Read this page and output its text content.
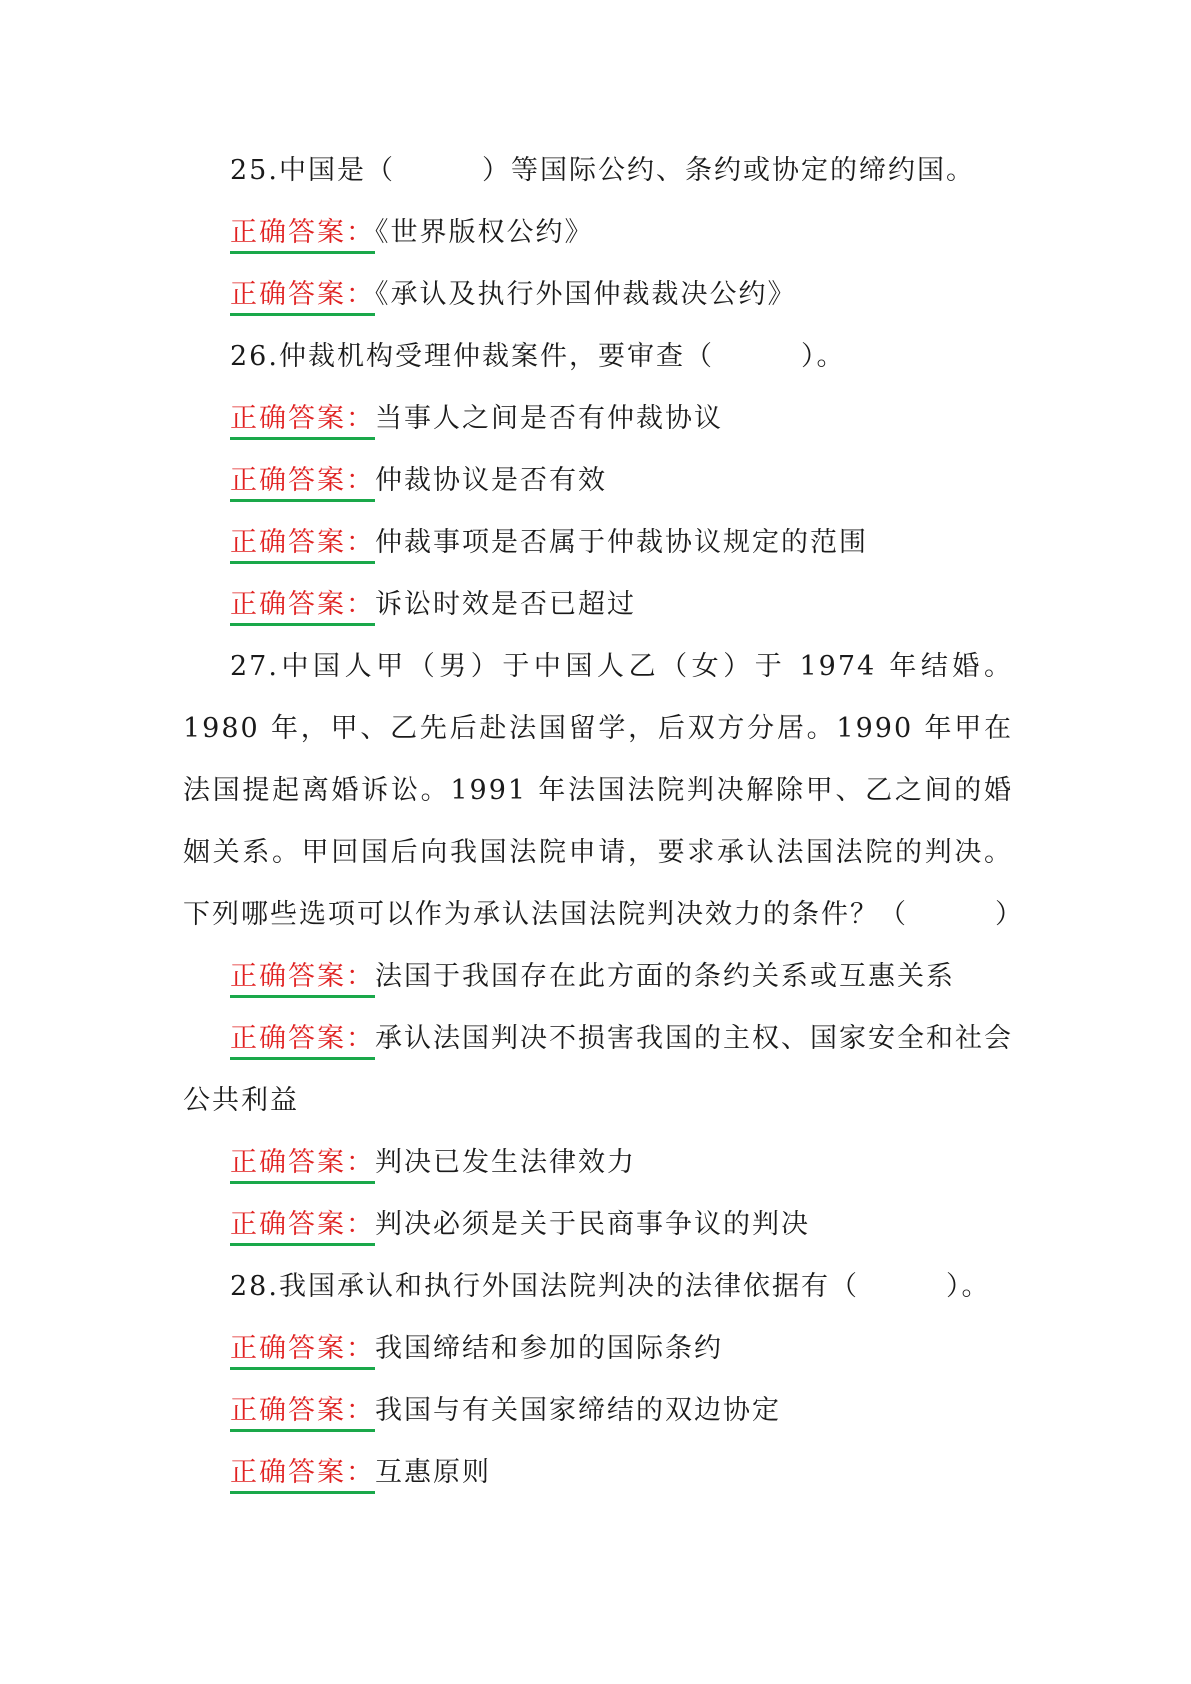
25.中国是（　　　）等国际公约、条约或协定的缔约国。

正确答案：《世界版权公约》

正确答案：《承认及执行外国仲裁裁决公约》

26.仲裁机构受理仲裁案件，要审查（　　　）。

正确答案：当事人之间是否有仲裁协议

正确答案：仲裁协议是否有效

正确答案：仲裁事项是否属于仲裁协议规定的范围

正确答案：诉讼时效是否已超过

27.中国人甲（男）于中国人乙（女）于 1974 年结婚。1980 年，甲、乙先后赴法国留学，后双方分居。1990 年甲在法国提起离婚诉讼。1991 年法国法院判决解除甲、乙之间的婚姻关系。甲回国后向我国法院申请，要求承认法国法院的判决。下列哪些选项可以作为承认法国法院判决效力的条件？（　　　）

正确答案：法国于我国存在此方面的条约关系或互惠关系

正确答案：承认法国判决不损害我国的主权、国家安全和社会公共利益

正确答案：判决已发生法律效力

正确答案：判决必须是关于民商事争议的判决

28.我国承认和执行外国法院判决的法律依据有（　　　）。

正确答案：我国缔结和参加的国际条约

正确答案：我国与有关国家缔结的双边协定

正确答案：互惠原则
